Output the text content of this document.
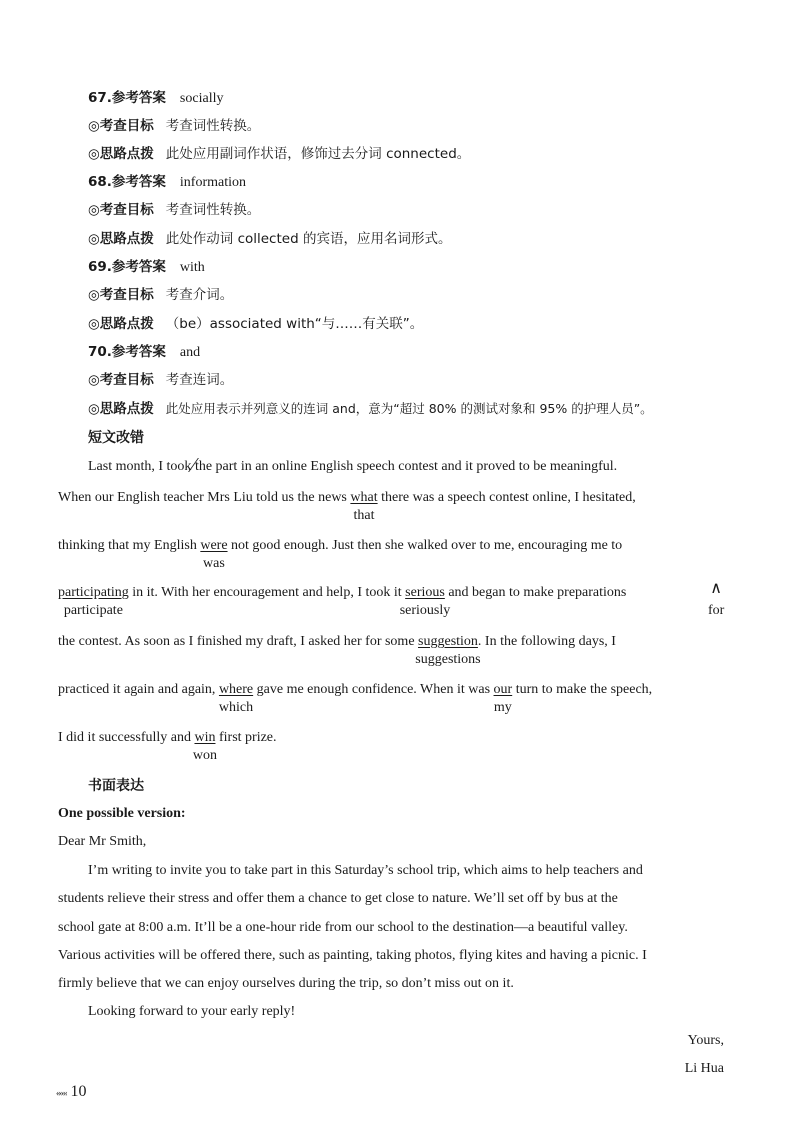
67.参考答案 socially
◎考查目标 考查词性转换。
◎思路点拨 此处应用副词作状语，修饰过去分词 connected。
68.参考答案 information
◎考查目标 考查词性转换。
◎思路点拨 此处作动词 collected 的宾语，应用名词形式。
69.参考答案 with
◎考查目标 考查介词。
◎思路点拨 （be）associated with“与……有关联”。
70.参考答案 and
◎考查目标 考查连词。
◎思路点拨 此处应用表示并列意义的连词 and，意为“超过 80% 的测试对象和 95% 的护理人员”。
短文改错
Last month, I took the part in an online English speech contest and it proved to be meaningful.
When our English teacher Mrs Liu told us the news what
that
there was a speech contest online, I hesitated,
thinking that my English were
was
not good enough. Just then she walked over to me, encouraging me to
participating
participate
in it. With her encouragement and help, I took it serious
seriously
and began to make preparations	∧
for
the contest. As soon as I finished my draft, I asked her for some suggestion
suggestions
. In the following days, I
practiced it again and again, where
which
gave me enough confidence. When it was our
my
turn to make the speech,
I did it successfully and win
won
first prize.
书面表达
One possible version:
Dear Mr Smith,
I’m writing to invite you to take part in this Saturday’s school trip, which aims to help teachers and
students relieve their stress and offer them a chance to get close to nature. We’ll set off by bus at the
school gate at 8:00 a.m. It’ll be a one-hour ride from our school to the destination—a beautiful valley.
Various activities will be offered there, such as painting, taking photos, flying kites and having a picnic. I
firmly believe that we can enjoy ourselves during the trip, so don’t miss out on it.
Looking forward to your early reply!
Yours,
Li Hua
««« 10
